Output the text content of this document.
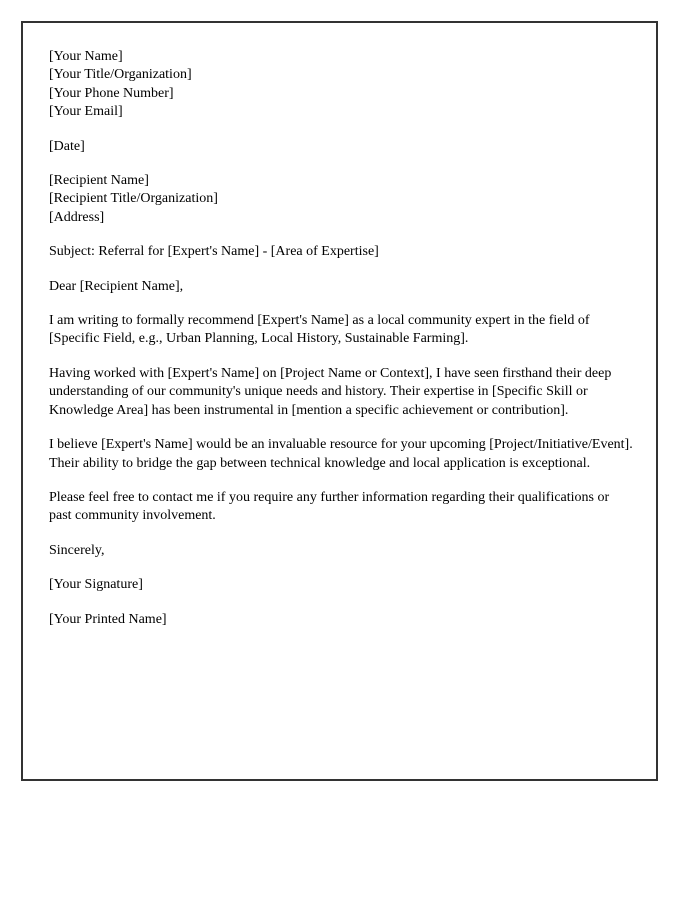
[Your Name]
[Your Title/Organization]
[Your Phone Number]
[Your Email]
[Date]
[Recipient Name]
[Recipient Title/Organization]
[Address]

Subject: Referral for [Expert's Name] - [Area of Expertise]

Dear [Recipient Name],

I am writing to formally recommend [Expert's Name] as a local community expert in the field of [Specific Field, e.g., Urban Planning, Local History, Sustainable Farming].

Having worked with [Expert's Name] on [Project Name or Context], I have seen firsthand their deep understanding of our community's unique needs and history. Their expertise in [Specific Skill or Knowledge Area] has been instrumental in [mention a specific achievement or contribution].

I believe [Expert's Name] would be an invaluable resource for your upcoming [Project/Initiative/Event]. Their ability to bridge the gap between technical knowledge and local application is exceptional.

Please feel free to contact me if you require any further information regarding their qualifications or past community involvement.

Sincerely,

[Your Signature]

[Your Printed Name]
